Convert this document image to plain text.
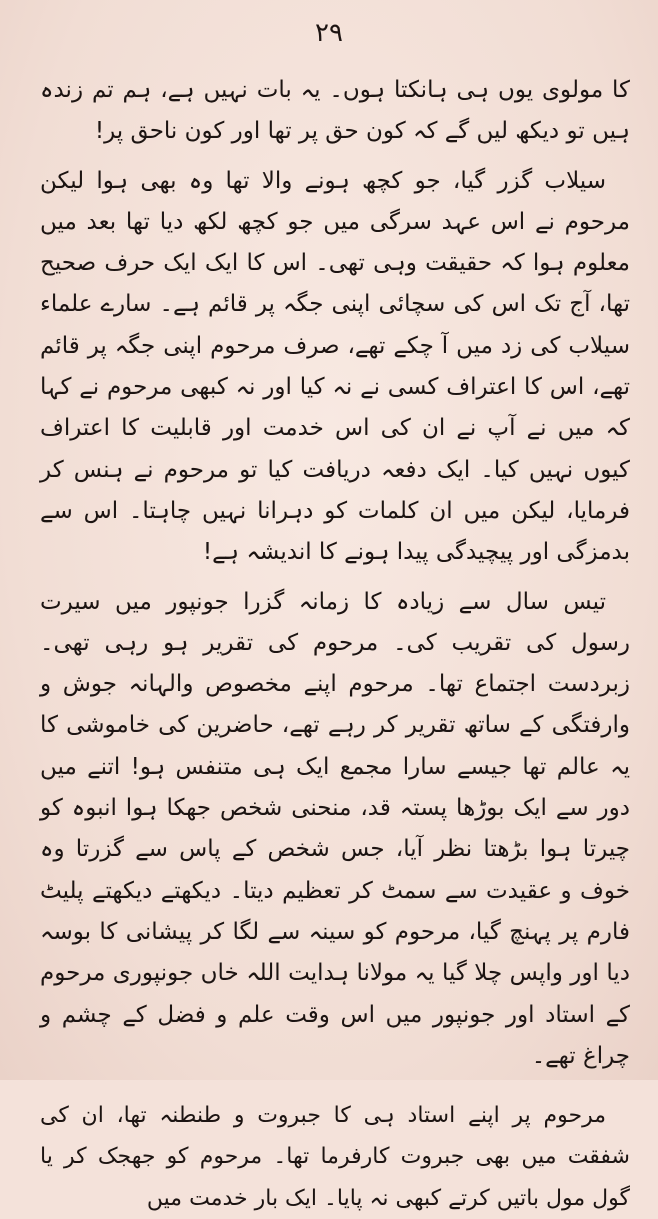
۲۹

کا مولوی یوں ہی ہانکتا ہوں۔ یہ بات نہیں ہے، ہم تم زندہ ہیں تو دیکھ لیں گے کہ کون حق پر تھا اور کون ناحق پر!

سیلاب گزر گیا، جو کچھ ہونے والا تھا وہ بھی ہوا لیکن مرحوم نے اس عہد سرگی میں جو کچھ لکھ دیا تھا بعد میں معلوم ہوا کہ حقیقت وہی تھی۔ اس کا ایک ایک حرف صحیح تھا، آج تک اس کی سچائی اپنی جگہ پر قائم ہے۔ سارے علماء سیلاب کی زد میں آ چکے تھے، صرف مرحوم اپنی جگہ پر قائم تھے، اس کا اعتراف کسی نے نہ کیا اور نہ کبھی مرحوم نے کہا کہ میں نے آپ نے ان کی اس خدمت اور قابلیت کا اعتراف کیوں نہیں کیا۔ ایک دفعہ دریافت کیا تو مرحوم نے ہنس کر فرمایا، لیکن میں ان کلمات کو دہرانا نہیں چاہتا۔ اس سے بدمزگی اور پیچیدگی پیدا ہونے کا اندیشہ ہے!

تیس سال سے زیادہ کا زمانہ گزرا جونپور میں سیرت رسول کی تقریب کی۔ مرحوم کی تقریر ہو رہی تھی۔ زبردست اجتماع تھا۔ مرحوم اپنے مخصوص والہانہ جوش و وارفتگی کے ساتھ تقریر کر رہے تھے، حاضرین کی خاموشی کا یہ عالم تھا جیسے سارا مجمع ایک ہی متنفس ہو! اتنے میں دور سے ایک بوڑھا پستہ قد، منحنی شخص جھکا ہوا انبوہ کو چیرتا ہوا بڑھتا نظر آیا، جس شخص کے پاس سے گزرتا وہ خوف و عقیدت سے سمٹ کر تعظیم دیتا۔ دیکھتے دیکھتے پلیٹ فارم پر پہنچ گیا، مرحوم کو سینہ سے لگا کر پیشانی کا بوسہ دیا اور واپس چلا گیا یہ مولانا ہدایت اللہ خاں جونپوری مرحوم کے استاد اور جونپور میں اس وقت علم و فضل کے چشم و چراغ تھے۔

مرحوم پر اپنے استاد ہی کا جبروت و طنطنہ تھا، ان کی شفقت میں بھی جبروت کارفرما تھا۔ مرحوم کو جھجک کر یا گول مول باتیں کرتے کبھی نہ پایا۔ ایک بار خدمت میں
